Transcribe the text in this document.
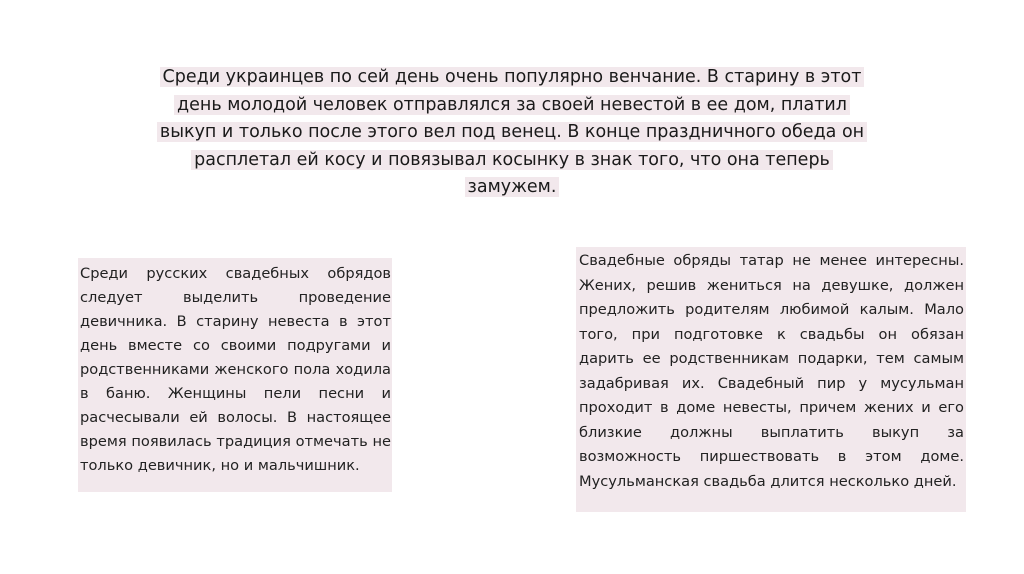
Среди украинцев по сей день очень популярно венчание. В старину в этот день молодой человек отправлялся за своей невестой в ее дом, платил выкуп и только после этого вел под венец. В конце праздничного обеда он расплетал ей косу и повязывал косынку в знак того, что она теперь замужем.
Среди русских свадебных обрядов следует выделить проведение девичника. В старину невеста в этот день вместе со своими подругами и родственниками женского пола ходила в баню. Женщины пели песни и расчесывали ей волосы. В настоящее время появилась традиция отмечать не только девичник, но и мальчишник.
Свадебные обряды татар не менее интересны. Жених, решив жениться на девушке, должен предложить родителям любимой калым. Мало того, при подготовке к свадьбы он обязан дарить ее родственникам подарки, тем самым задабривая их. Свадебный пир у мусульман проходит в доме невесты, причем жених и его близкие должны выплатить выкуп за возможность пиршествовать в этом доме. Мусульманская свадьба длится несколько дней.
